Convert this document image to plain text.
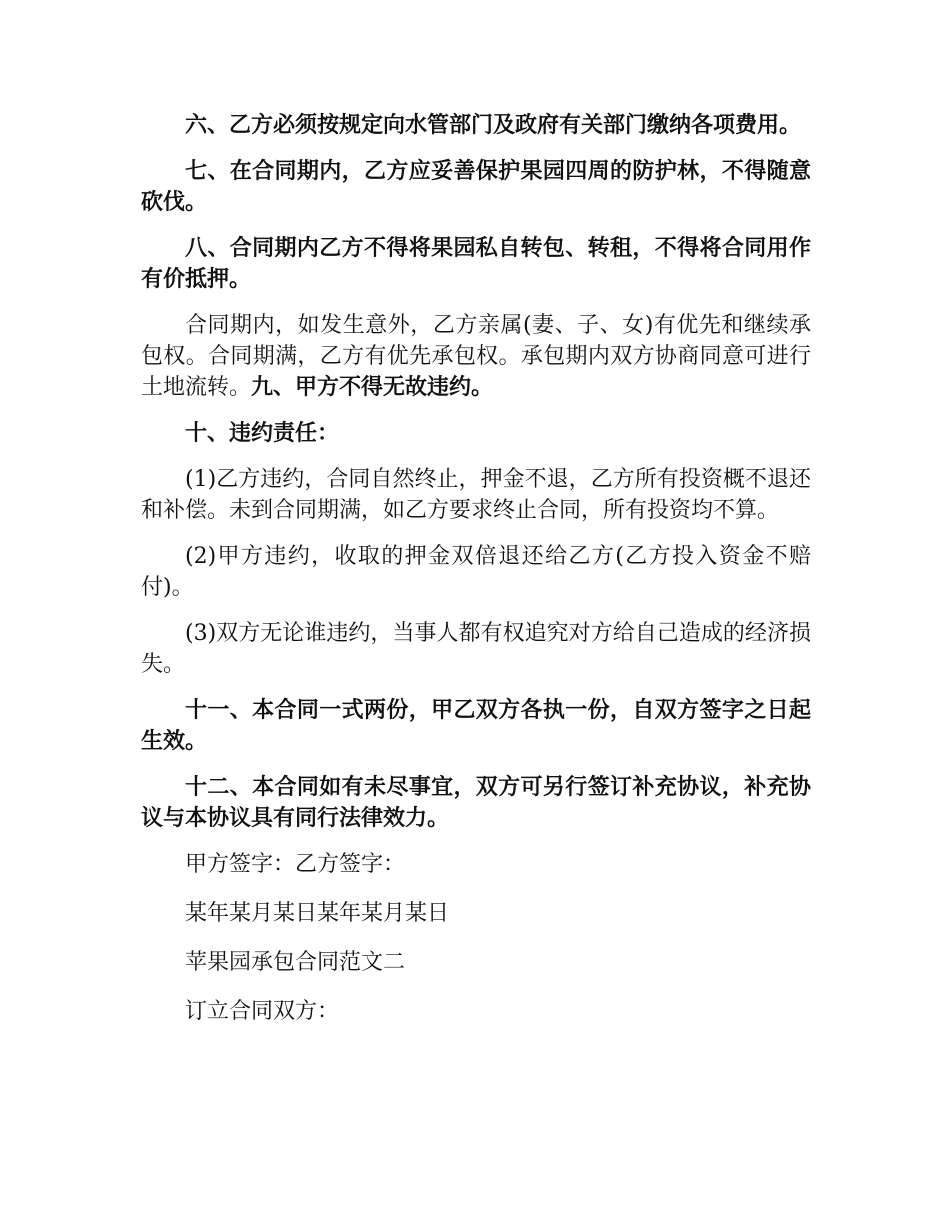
六、乙方必须按规定向水管部门及政府有关部门缴纳各项费用。

七、在合同期内，乙方应妥善保护果园四周的防护林，不得随意砍伐。

八、合同期内乙方不得将果园私自转包、转租，不得将合同用作有价抵押。

合同期内，如发生意外，乙方亲属(妻、子、女)有优先和继续承包权。合同期满，乙方有优先承包权。承包期内双方协商同意可进行土地流转。九、甲方不得无故违约。

十、违约责任：

(1)乙方违约，合同自然终止，押金不退，乙方所有投资概不退还和补偿。未到合同期满，如乙方要求终止合同，所有投资均不算。

(2)甲方违约，收取的押金双倍退还给乙方(乙方投入资金不赔付)。

(3)双方无论谁违约，当事人都有权追究对方给自己造成的经济损失。

十一、本合同一式两份，甲乙双方各执一份，自双方签字之日起生效。

十二、本合同如有未尽事宜，双方可另行签订补充协议，补充协议与本协议具有同行法律效力。

甲方签字：乙方签字：

某年某月某日某年某月某日

苹果园承包合同范文二

订立合同双方：
